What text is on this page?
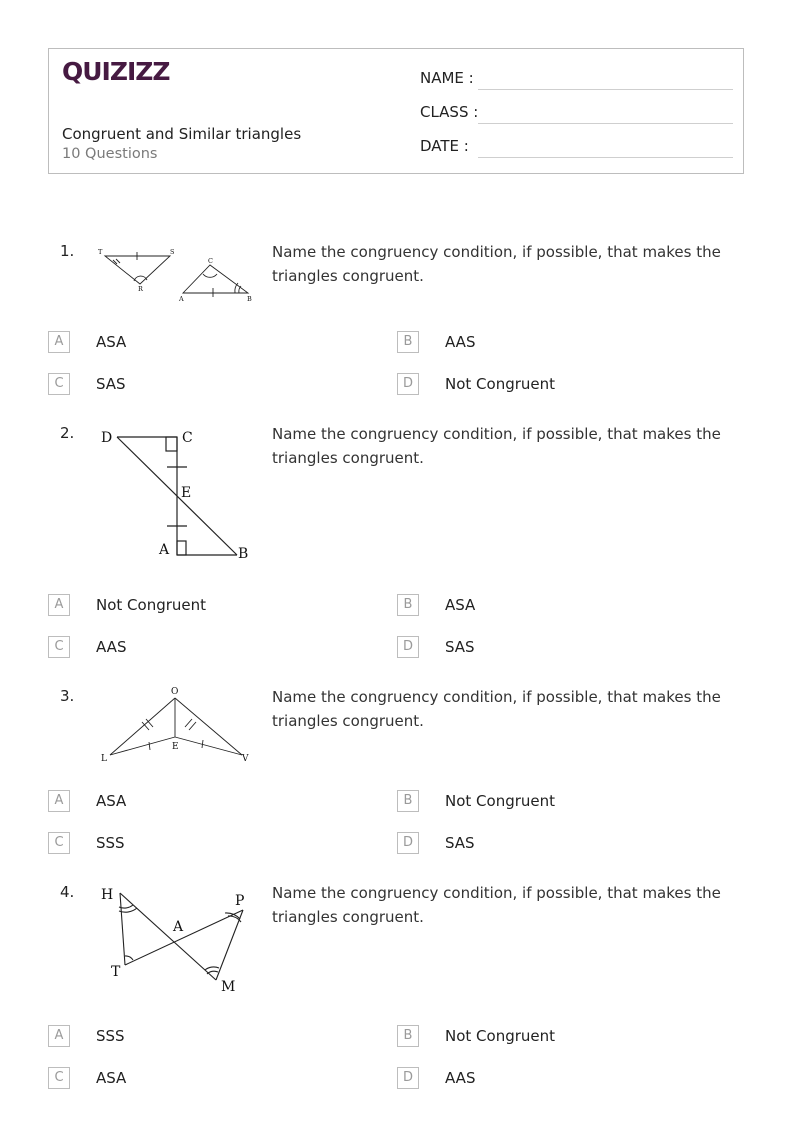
QUIZIZZ
Congruent and Similar triangles
10 Questions
NAME :
CLASS :
DATE :
1.	Name the congruency condition, if possible, that makes the triangles congruent.
T	S
R
C
A	B
A	ASA	B	AAS
C	SAS	D	Not Congruent
2.	Name the congruency condition, if possible, that makes the triangles congruent.
D	C
E
A	B
A	Not Congruent	B	ASA
C	AAS	D	SAS
3.	Name the congruency condition, if possible, that makes the triangles congruent.
O
L
E
V
A	ASA	B	Not Congruent
C	SSS	D	SAS
4.	Name the congruency condition, if possible, that makes the triangles congruent.
H	P
A
T
M
A	SSS	B	Not Congruent
C	ASA	D	AAS
